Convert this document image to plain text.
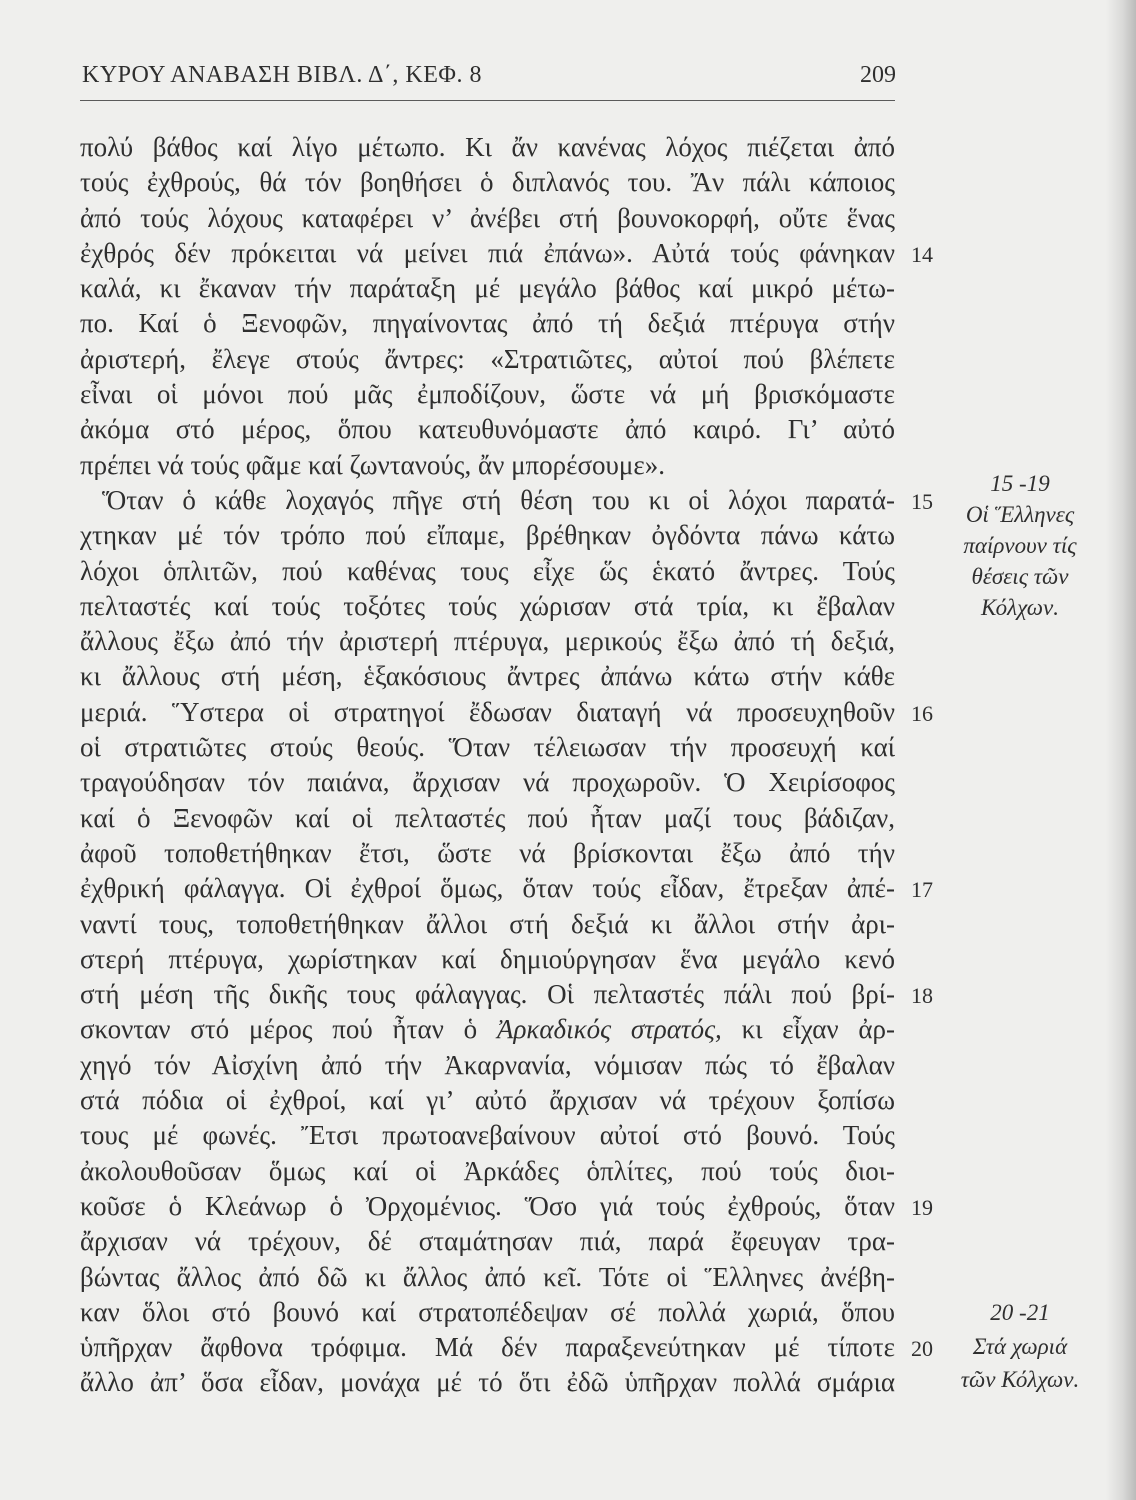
ΚΥΡΟΥ ΑΝΑΒΑΣΗ ΒΙΒΛ. Δ΄, ΚΕΦ. 8	209
πολύ βάθος καί λίγο μέτωπο. Κι ἄν κανένας λόχος πιέζεται ἀπό
τούς ἐχθρούς, θά τόν βοηθήσει ὁ διπλανός του. Ἄν πάλι κάποιος
ἀπό τούς λόχους καταφέρει ν’ ἀνέβει στή βουνοκορφή, οὔτε ἕνας
ἐχθρός δέν πρόκειται νά μείνει πιά ἐπάνω». Αὐτά τούς φάνηκαν
καλά, κι ἔκαναν τήν παράταξη μέ μεγάλο βάθος καί μικρό μέτω-
πο. Καί ὁ Ξενοφῶν, πηγαίνοντας ἀπό τή δεξιά πτέρυγα στήν
ἀριστερή, ἔλεγε στούς ἄντρες: «Στρατιῶτες, αὐτοί πού βλέπετε
εἶναι οἱ μόνοι πού μᾶς ἐμποδίζουν, ὥστε νά μή βρισκόμαστε
ἀκόμα στό μέρος, ὅπου κατευθυνόμαστε ἀπό καιρό. Γι’ αὐτό
πρέπει νά τούς φᾶμε καί ζωντανούς, ἄν μπορέσουμε».
Ὅταν ὁ κάθε λοχαγός πῆγε στή θέση του κι οἱ λόχοι παρατά-
χτηκαν μέ τόν τρόπο πού εἴπαμε, βρέθηκαν ὀγδόντα πάνω κάτω
λόχοι ὁπλιτῶν, πού καθένας τους εἶχε ὥς ἑκατό ἄντρες. Τούς
πελταστές καί τούς τοξότες τούς χώρισαν στά τρία, κι ἔβαλαν
ἄλλους ἔξω ἀπό τήν ἀριστερή πτέρυγα, μερικούς ἔξω ἀπό τή δεξιά,
κι ἄλλους στή μέση, ἑξακόσιους ἄντρες ἀπάνω κάτω στήν κάθε
μεριά. Ὕστερα οἱ στρατηγοί ἔδωσαν διαταγή νά προσευχηθοῦν
οἱ στρατιῶτες στούς θεούς. Ὅταν τέλειωσαν τήν προσευχή καί
τραγούδησαν τόν παιάνα, ἄρχισαν νά προχωροῦν. Ὁ Χειρίσοφος
καί ὁ Ξενοφῶν καί οἱ πελταστές πού ἦταν μαζί τους βάδιζαν,
ἀφοῦ τοποθετήθηκαν ἔτσι, ὥστε νά βρίσκονται ἔξω ἀπό τήν
ἐχθρική φάλαγγα. Οἱ ἐχθροί ὅμως, ὅταν τούς εἶδαν, ἔτρεξαν ἀπέ-
ναντί τους, τοποθετήθηκαν ἄλλοι στή δεξιά κι ἄλλοι στήν ἀρι-
στερή πτέρυγα, χωρίστηκαν καί δημιούργησαν ἕνα μεγάλο κενό
στή μέση τῆς δικῆς τους φάλαγγας. Οἱ πελταστές πάλι πού βρί-
σκονταν στό μέρος πού ἦταν ὁ Ἀρκαδικός στρατός, κι εἶχαν ἀρ-
χηγό τόν Αἰσχίνη ἀπό τήν Ἀκαρνανία, νόμισαν πώς τό ἔβαλαν
στά πόδια οἱ ἐχθροί, καί γι’ αὐτό ἄρχισαν νά τρέχουν ξοπίσω
τους μέ φωνές. Ἔτσι πρωτοανεβαίνουν αὐτοί στό βουνό. Τούς
ἀκολουθοῦσαν ὅμως καί οἱ Ἀρκάδες ὁπλίτες, πού τούς διοι-
κοῦσε ὁ Κλεάνωρ ὁ Ὀρχομένιος. Ὅσο γιά τούς ἐχθρούς, ὅταν
ἄρχισαν νά τρέχουν, δέ σταμάτησαν πιά, παρά ἔφευγαν τρα-
βώντας ἄλλος ἀπό δῶ κι ἄλλος ἀπό κεῖ. Τότε οἱ Ἕλληνες ἀνέβη-
καν ὅλοι στό βουνό καί στρατοπέδεψαν σέ πολλά χωριά, ὅπου
ὑπῆρχαν ἄφθονα τρόφιμα. Μά δέν παραξενεύτηκαν μέ τίποτε
ἄλλο ἀπ’ ὅσα εἶδαν, μονάχα μέ τό ὅτι ἐδῶ ὑπῆρχαν πολλά σμάρια
14
15
16
17
18
19
20
15 -19
Οἱ Ἕλληνες
παίρνουν τίς
θέσεις τῶν
Κόλχων.
20 -21
Στά χωριά
τῶν Κόλχων.
